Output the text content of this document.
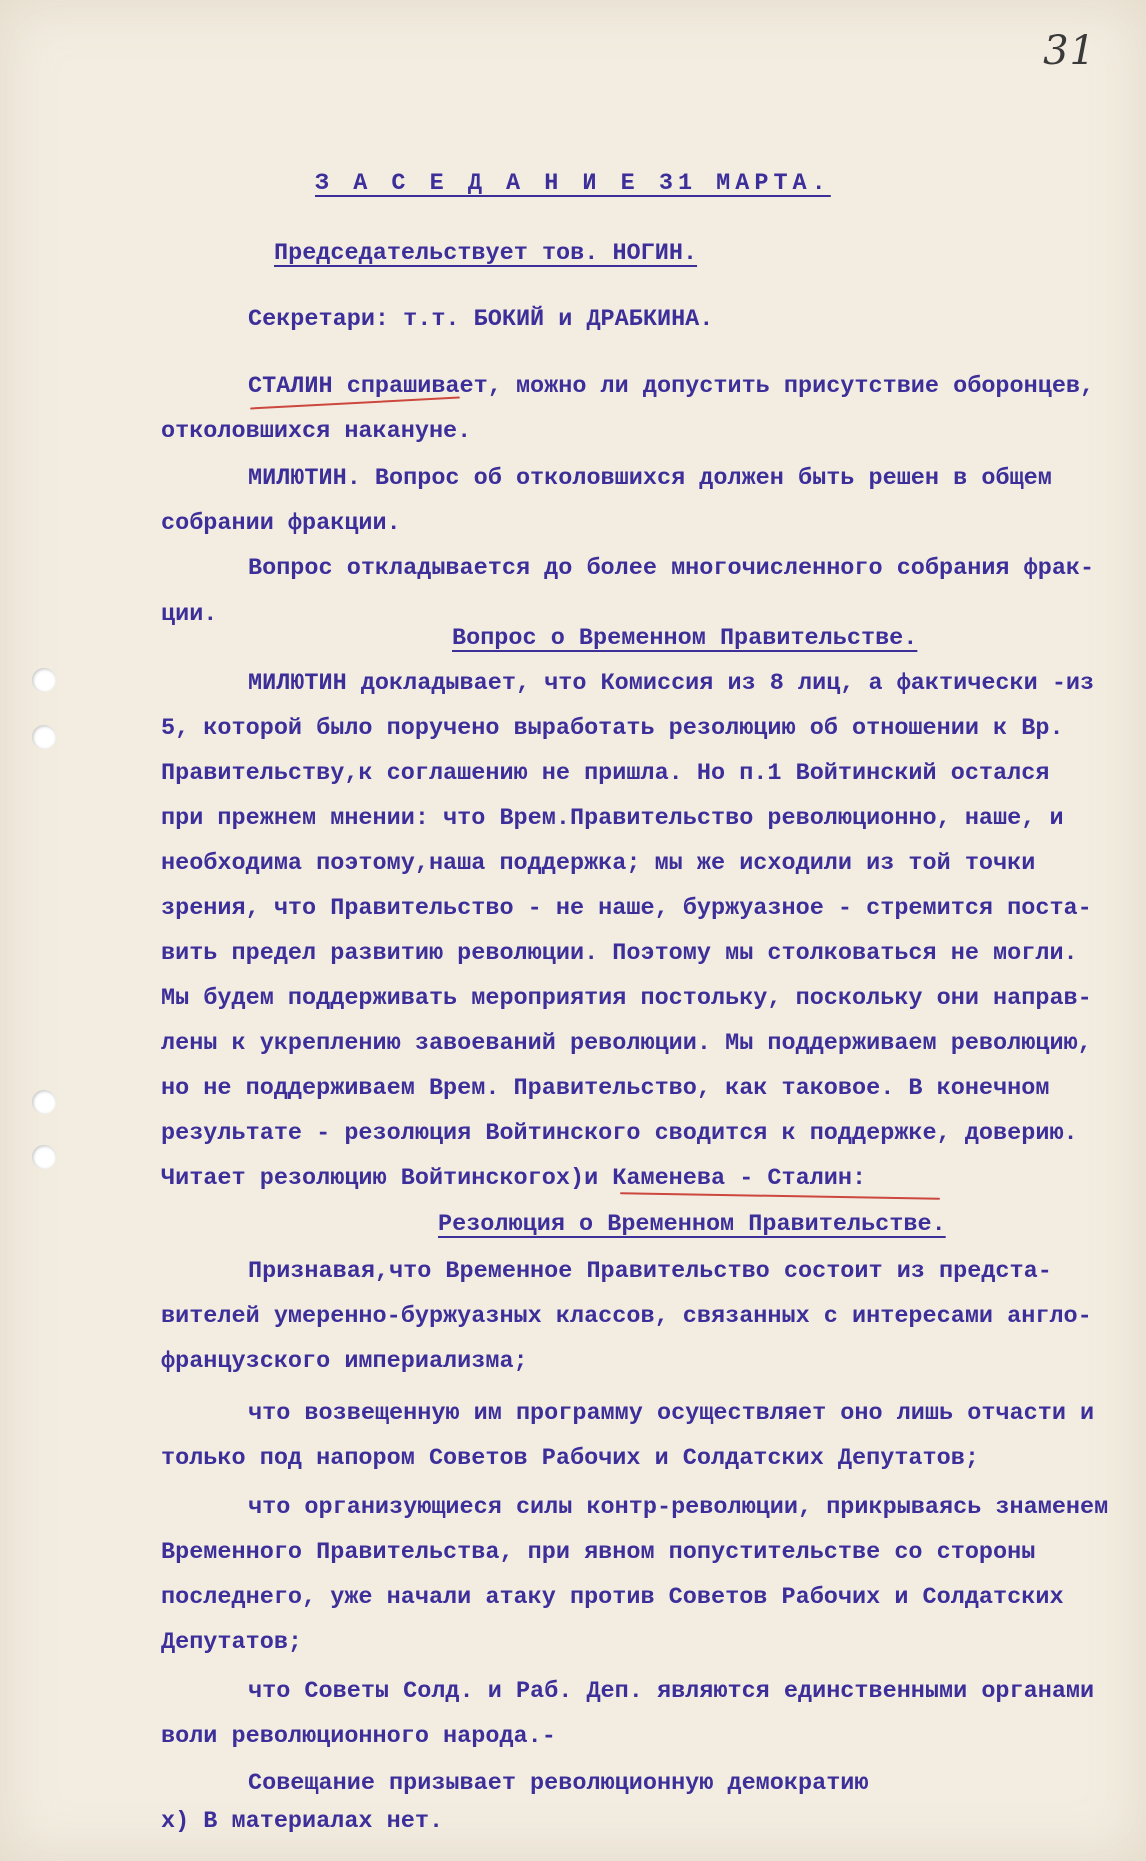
31
З А С Е Д А Н И Е 31 МАРТА.
Председательствует тов. НОГИН.
Секретари: т.т. БОКИЙ и ДРАБКИНА.
СТАЛИН спрашивает, можно ли допустить присутствие оборонцев,
отколовшихся накануне.
МИЛЮТИН. Вопрос об отколовшихся должен быть решен в общем
собрании фракции.
Вопрос откладывается до более многочисленного собрания фрак-
ции.
Вопрос о Временном Правительстве.
МИЛЮТИН докладывает, что Комиссия из 8 лиц, а фактически -из
5, которой было поручено выработать резолюцию об отношении к Вр.
Правительству,к соглашению не пришла. Но п.1 Войтинский остался
при прежнем мнении: что Врем.Правительство революционно, наше, и
необходима поэтому,наша поддержка; мы же исходили из той точки
зрения, что Правительство - не наше, буржуазное - стремится поста-
вить предел развитию революции. Поэтому мы столковаться не могли.
Мы будем поддерживать мероприятия постольку, поскольку они направ-
лены к укреплению завоеваний революции. Мы поддерживаем революцию,
но не поддерживаем Врем. Правительство, как таковое. В конечном
результате - резолюция Войтинского сводится к поддержке, доверию.
Читает резолюцию Войтинскогоx)и Каменева - Сталин:
Резолюция о Временном Правительстве.
Признавая,что Временное Правительство состоит из предста-
вителей умеренно-буржуазных классов, связанных с интересами англо-
французского империализма;
что возвещенную им программу осуществляет оно лишь отчасти и
только под напором Советов Рабочих и Солдатских Депутатов;
что организующиеся силы контр-революции, прикрываясь знаменем
Временного Правительства, при явном попустительстве со стороны
последнего, уже начали атаку против Советов Рабочих и Солдатских
Депутатов;
что Советы Солд. и Раб. Деп. являются единственными органами
воли революционного народа.-
Совещание призывает революционную демократию
x) В материалах нет.
